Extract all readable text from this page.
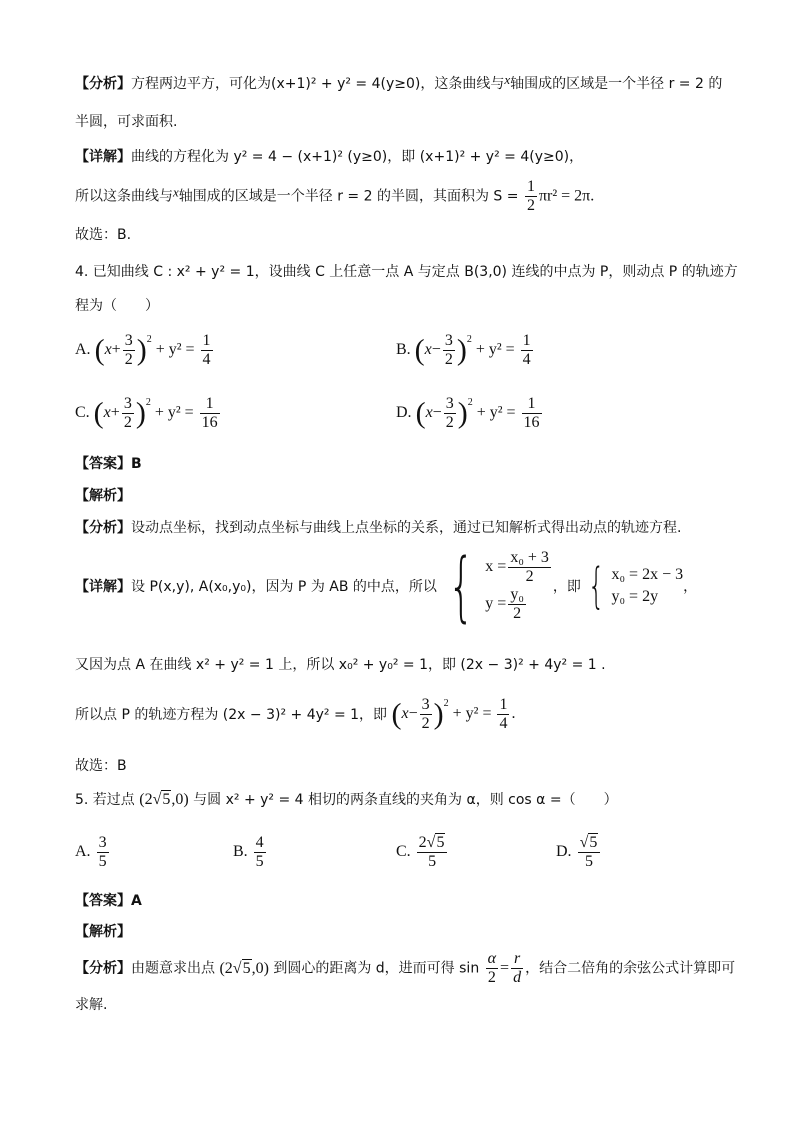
【分析】方程两边平方，可化为(x+1)² + y² = 4(y≥0)，这条曲线与x轴围成的区域是一个半径 r = 2 的
半圆，可求面积.
【详解】曲线的方程化为 y² = 4 − (x+1)² (y≥0)，即 (x+1)² + y² = 4(y≥0)，
所以这条曲线与x轴围成的区域是一个半径 r = 2 的半圆，其面积为 $S = \frac{1}{2} \pi r^2 = 2\pi$.
故选：B.
4. 已知曲线 C : x² + y² = 1，设曲线 C 上任意一点 A 与定点 B(3,0) 连线的中点为 P，则动点 P 的轨迹方
程为（　　）
A. $(x+ \frac{3}{2} )^2 + y^2 = \frac{1}{4}$	B. $(x- \frac{3}{2} )^2 + y^2 = \frac{1}{4}$
C. $(x+ \frac{3}{2} )^2 + y^2 = \frac{1}{16}$	D. $(x- \frac{3}{2} )^2 + y^2 = \frac{1}{16}$
【答案】B
【解析】
【分析】设动点坐标，找到动点坐标与曲线上点坐标的关系，通过已知解析式得出动点的轨迹方程.
【详解】设 P(x,y), A(x₀,y₀)，因为 P 为 AB 的中点，所以 { $x = \frac{\text{x₀ + 3}}{2}$
$y = \frac{\text{y₀}}{2}$ ，即 { x₀ = 2x − 3
y₀ = 2y
，
又因为点 A 在曲线 x² + y² = 1 上，所以 x₀² + y₀² = 1，即 (2x − 3)² + 4y² = 1 .
所以点 P 的轨迹方程为 (2x − 3)² + 4y² = 1，即 $(x- \frac{3}{2} )^2 + y^2 = \frac{1}{4}$ .
故选：B
5. 若过点 (2√5,0) 与圆 x² + y² = 4 相切的两条直线的夹角为 α，则 cos α =（　　）
A. $\frac{3}{5}$	B. $\frac{4}{5}$	C. $\frac{2√5}{5}$	D. $\frac{√5}{5}$
【答案】A
【解析】
【分析】由题意求出点 (2√5,0) 到圆心的距离为 d，进而可得 $\sin \frac{\alpha}{2} = \frac{r}{d}$ ，结合二倍角的余弦公式计算即可
求解.
